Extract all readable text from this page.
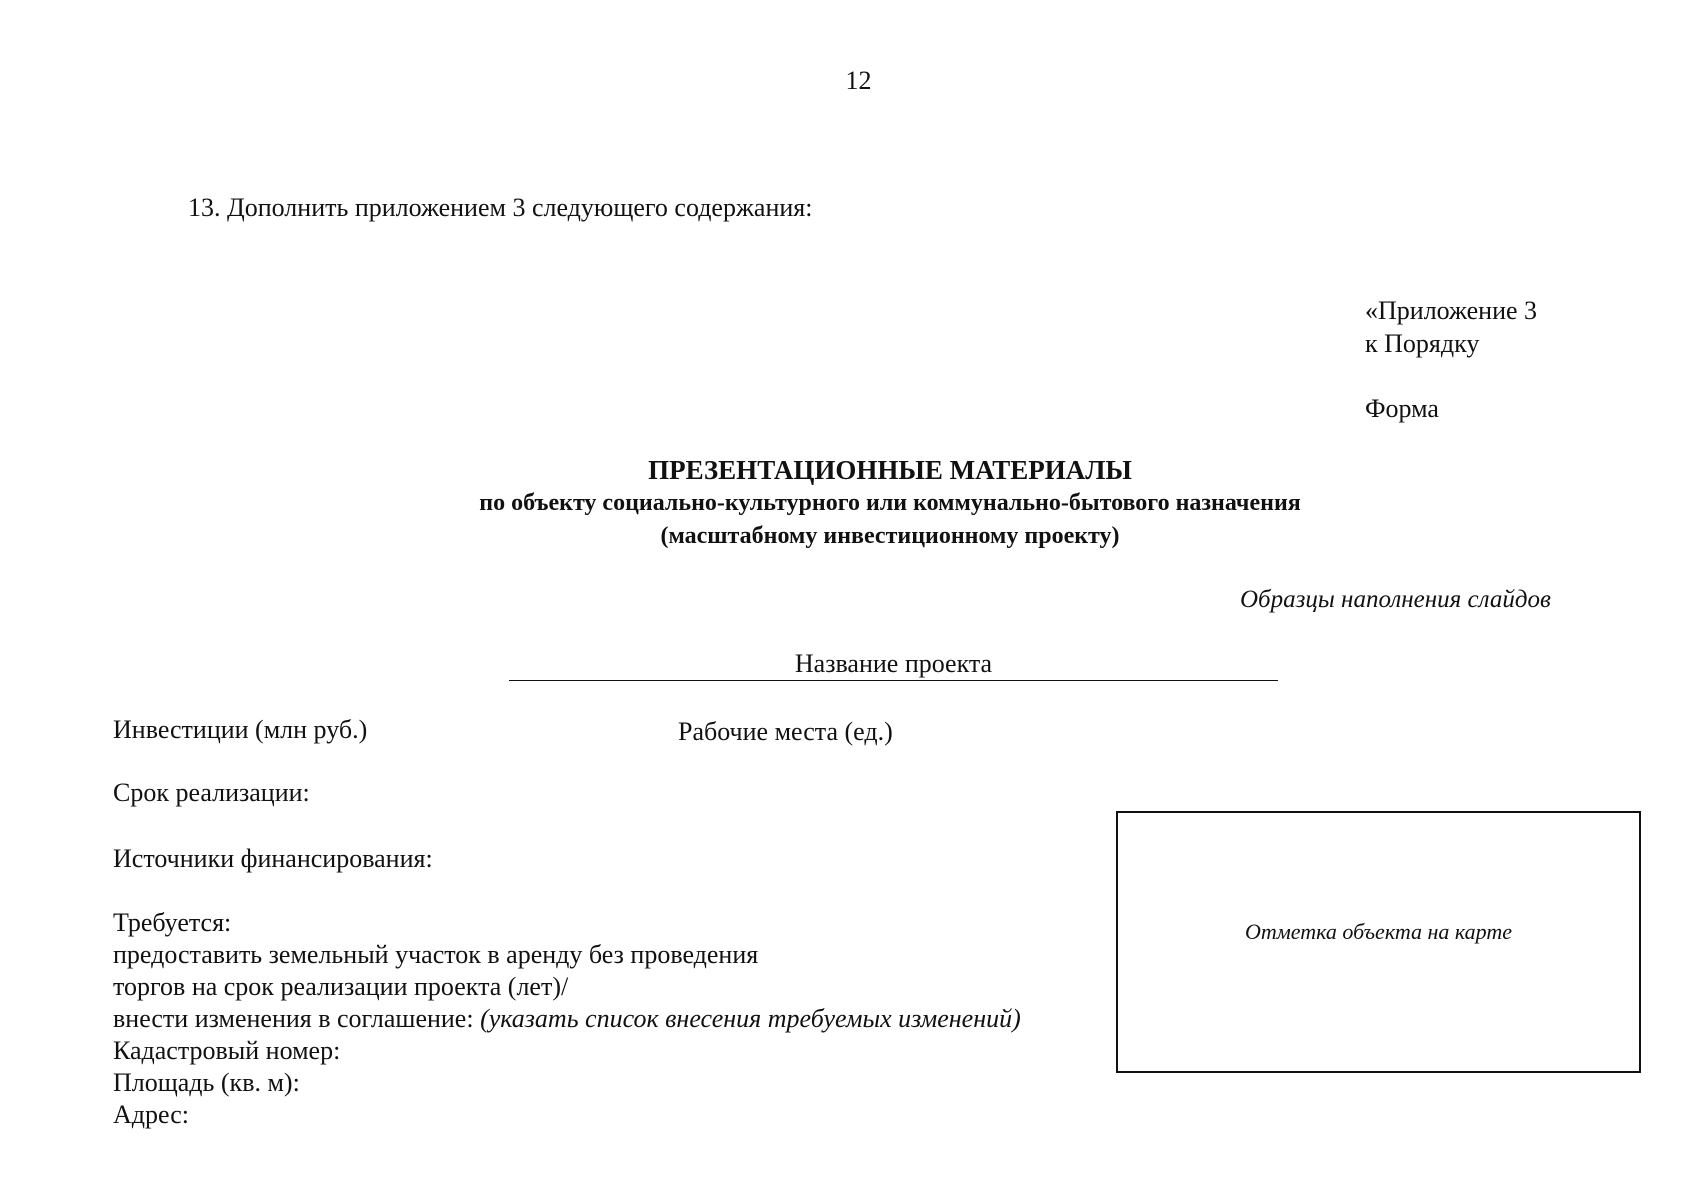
12
13. Дополнить приложением 3 следующего содержания:
«Приложение 3
к Порядку
Форма
ПРЕЗЕНТАЦИОННЫЕ МАТЕРИАЛЫ
по объекту социально-культурного или коммунально-бытового назначения
(масштабному инвестиционному проекту)
Образцы наполнения слайдов
Название проекта
Инвестиции (млн руб.)	Рабочие места (ед.)
Срок реализации:
Источники финансирования:
Требуется:
предоставить земельный участок в аренду без проведения
торгов на срок реализации проекта (лет)/
внести изменения в соглашение: (указать список внесения требуемых изменений)
Кадастровый номер:
Площадь (кв. м):
Адрес:
Отметка объекта на карте
